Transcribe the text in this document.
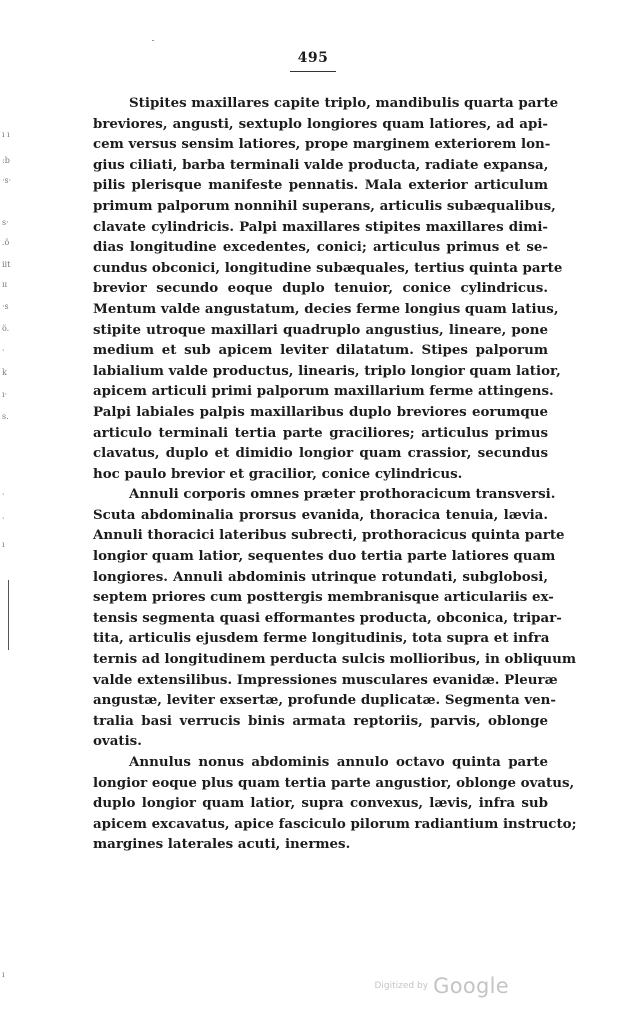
495
ı ı
:b
·s·
s·
.ö
iit
ıı
·s
ö.
·
k
ı·
s.
·
·
ı
ı
Stipites maxillares capite triplo, mandibulis quarta parte
breviores, angusti, sextuplo longiores quam latiores, ad api-
cem versus sensim latiores, prope marginem exteriorem lon-
gius ciliati, barba terminali valde producta, radiate expansa,
pilis plerisque manifeste pennatis. Mala exterior articulum
primum palporum nonnihil superans, articulis subæqualibus,
clavate cylindricis. Palpi maxillares stipites maxillares dimi-
dias longitudine excedentes, conici; articulus primus et se-
cundus obconici, longitudine subæquales, tertius quinta parte
brevior secundo eoque duplo tenuior, conice cylindricus.
Mentum valde angustatum, decies ferme longius quam latius,
stipite utroque maxillari quadruplo angustius, lineare, pone
medium et sub apicem leviter dilatatum. Stipes palporum
labialium valde productus, linearis, triplo longior quam latior,
apicem articuli primi palporum maxillarium ferme attingens.
Palpi labiales palpis maxillaribus duplo breviores eorumque
articulo terminali tertia parte graciliores; articulus primus
clavatus, duplo et dimidio longior quam crassior, secundus
hoc paulo brevior et gracilior, conice cylindricus.
Annuli corporis omnes præter prothoracicum transversi.
Scuta abdominalia prorsus evanida, thoracica tenuia, lævia.
Annuli thoracici lateribus subrecti, prothoracicus quinta parte
longior quam latior, sequentes duo tertia parte latiores quam
longiores. Annuli abdominis utrinque rotundati, subglobosi,
septem priores cum posttergis membranisque articulariis ex-
tensis segmenta quasi efformantes producta, obconica, tripar-
tita, articulis ejusdem ferme longitudinis, tota supra et infra
ternis ad longitudinem perducta sulcis mollioribus, in obliquum
valde extensilibus. Impressiones musculares evanidæ. Pleuræ
angustæ, leviter exsertæ, profunde duplicatæ. Segmenta ven-
tralia basi verrucis binis armata reptoriis, parvis, oblonge
ovatis.
Annulus nonus abdominis annulo octavo quinta parte
longior eoque plus quam tertia parte angustior, oblonge ovatus,
duplo longior quam latior, supra convexus, lævis, infra sub
apicem excavatus, apice fasciculo pilorum radiantium instructo;
margines laterales acuti, inermes.
Digitized by Google
